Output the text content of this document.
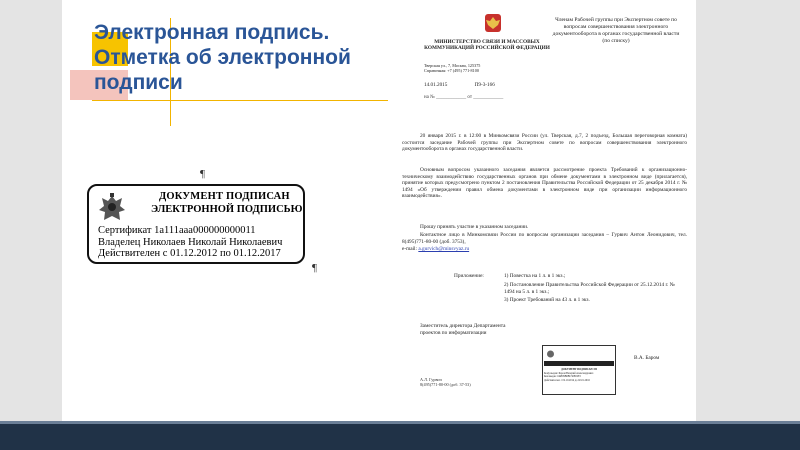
Электронная подпись.
Отметка об электронной
подписи
¶
¶
ДОКУМЕНТ ПОДПИСАН
ЭЛЕКТРОННОЙ ПОДПИСЬЮ
Сертификат 1a111aaa000000000011
Владелец Николаев Николай Николаевич
Действителен с 01.12.2012 по 01.12.2017
МИНИСТЕРСТВО СВЯЗИ И МАССОВЫХ КОММУНИКАЦИЙ РОССИЙСКОЙ ФЕДЕРАЦИИ
Тверская ул., 7, Москва, 125375
Справочная: +7 (495) 771-8100
14.01.2015	П9-3-166
на № ____________ от ____________
Членам Рабочей группы при Экспертном совете по вопросам совершенствования электронного документооборота в органах государственной власти (по списку)
20 января 2015 г. в 12:00 в Минкомсвязи России (ул. Тверская, д.7, 2 подъезд, Большая переговорная комната) состоится заседание Рабочей группы при Экспертном совете по вопросам совершенствования электронного документооборота в органах государственной власти.
Основным вопросом указанного заседания является рассмотрение проекта Требований к организационно-техническому взаимодействию государственных органов при обмене документами в электронном виде (прилагается), принятие которых предусмотрено пунктом 2 постановления Правительства Российской Федерации от 25 декабря 2014 г. № 1494 «Об утверждении правил обмена документами в электронном виде при организации информационного взаимодействия».
Прошу принять участие в указанном заседании.
Контактное лицо в Минкомсвязи России по вопросам организации заседания – Гурвич Антон Леонидович, тел. 8(495)771-80-00 (доб. 3753),
e-mail: a.gurvich@minsvyaz.ru
Приложение:	1) Повестка на 1 л. в 1 экз.;
2) Постановление Правительства Российской Федерации от 25.12.2014 г. № 1494 на 5 л. в 1 экз.;
3) Проект Требований на 43 л. в 1 экз.
Заместитель директора Департамента проектов по информатизации
ДОКУМЕНТ ПОДПИСАН ЭП
Кому выдан: Баром Валерий Александрович
Кем выдан: 0AB09B6BC56E02F2
Действителен: с 02.10.2014 до 02.01.2016
В.А. Баром
А.Л. Гурвич
8(495)771-80-00 (доб. 37-53)
